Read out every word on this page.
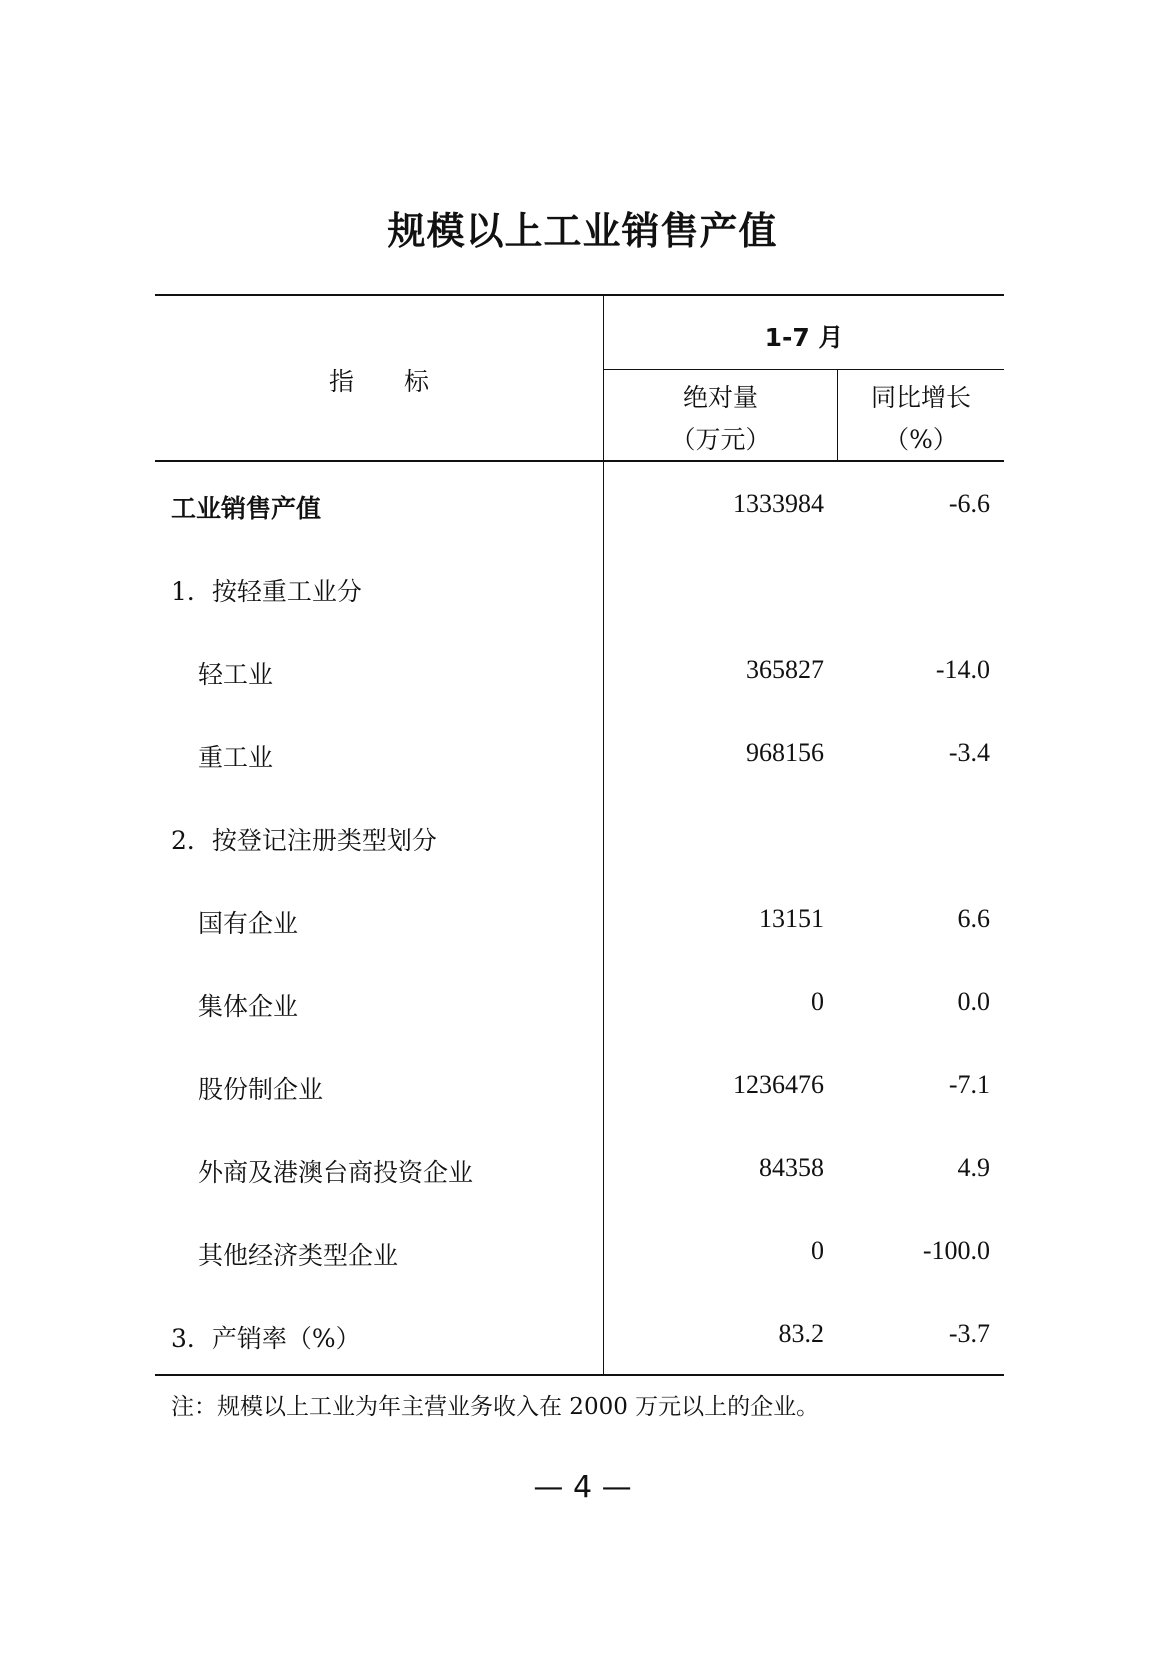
规模以上工业销售产值
指　　标
1-7 月
绝对量
（万元）
同比增长
（%）
工业销售产值	1333984	-6.6
1．按轻重工业分
轻工业	365827	-14.0
重工业	968156	-3.4
2．按登记注册类型划分
国有企业	13151	6.6
集体企业	0	0.0
股份制企业	1236476	-7.1
外商及港澳台商投资企业	84358	4.9
其他经济类型企业	0	-100.0
3．产销率（%）	83.2	-3.7
注：规模以上工业为年主营业务收入在 2000 万元以上的企业。
— 4 —
